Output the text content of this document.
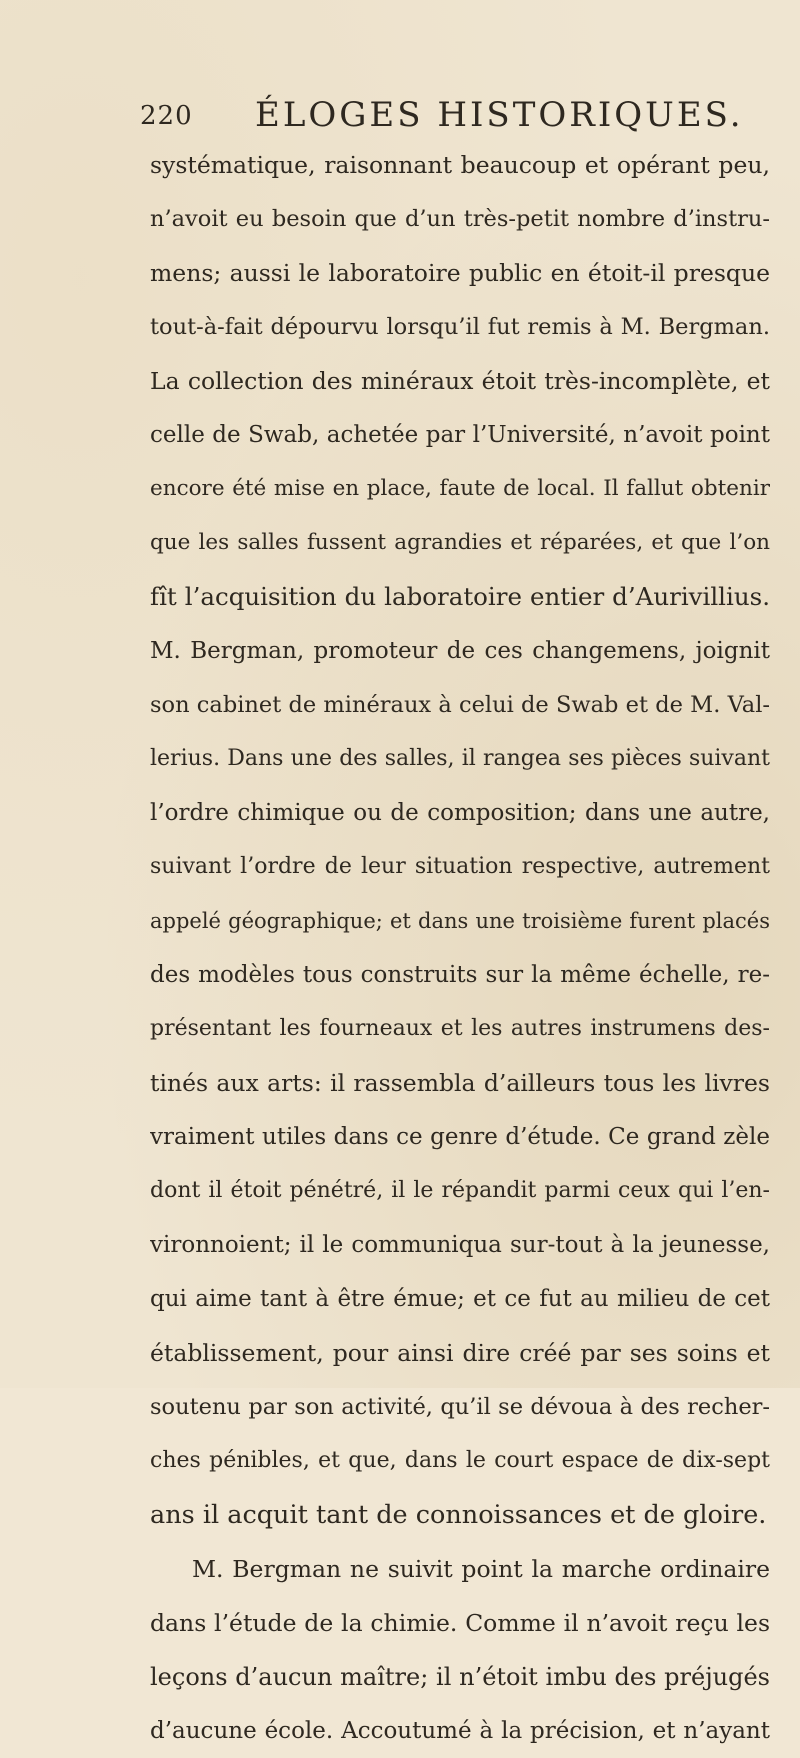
220 ÉLOGES HISTORIQUES.
systématique, raisonnant beaucoup et opérant peu,
n’avoit eu besoin que d’un très-petit nombre d’instru-
mens; aussi le laboratoire public en étoit-il presque
tout-à-fait dépourvu lorsqu’il fut remis à M. Bergman.
La collection des minéraux étoit très-incomplète, et
celle de Swab, achetée par l’Université, n’avoit point
encore été mise en place, faute de local. Il fallut obtenir
que les salles fussent agrandies et réparées, et que l’on
fît l’acquisition du laboratoire entier d’Aurivillius.
M. Bergman, promoteur de ces changemens, joignit
son cabinet de minéraux à celui de Swab et de M. Val-
lerius. Dans une des salles, il rangea ses pièces suivant
l’ordre chimique ou de composition; dans une autre,
suivant l’ordre de leur situation respective, autrement
appelé géographique; et dans une troisième furent placés
des modèles tous construits sur la même échelle, re-
présentant les fourneaux et les autres instrumens des-
tinés aux arts: il rassembla d’ailleurs tous les livres
vraiment utiles dans ce genre d’étude. Ce grand zèle
dont il étoit pénétré, il le répandit parmi ceux qui l’en-
vironnoient; il le communiqua sur-tout à la jeunesse,
qui aime tant à être émue; et ce fut au milieu de cet
établissement, pour ainsi dire créé par ses soins et
soutenu par son activité, qu’il se dévoua à des recher-
ches pénibles, et que, dans le court espace de dix-sept
ans il acquit tant de connoissances et de gloire.
M. Bergman ne suivit point la marche ordinaire
dans l’étude de la chimie. Comme il n’avoit reçu les
leçons d’aucun maître; il n’étoit imbu des préjugés
d’aucune école. Accoutumé à la précision, et n’ayant
